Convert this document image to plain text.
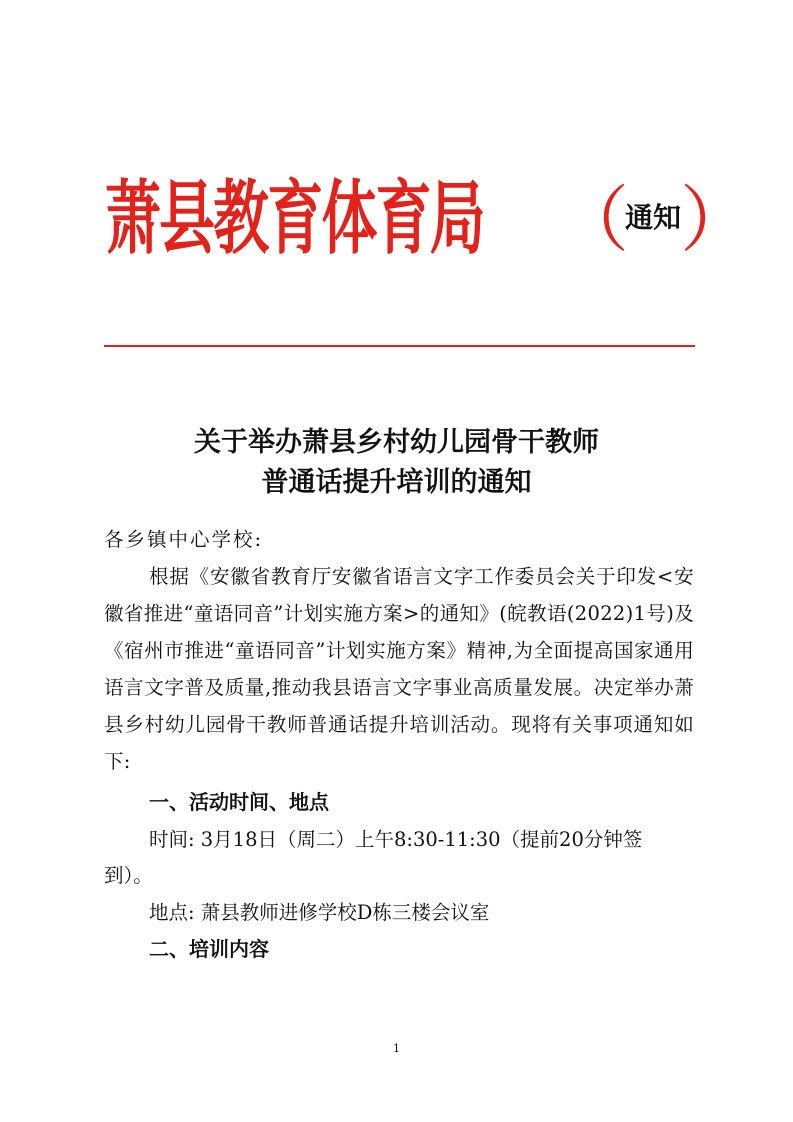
萧县教育体育局 （
通知
）
关于举办萧县乡村幼儿园骨干教师
普通话提升培训的通知
各乡镇中心学校:
根据《安徽省教育厅安徽省语言文字工作委员会关于印发<安徽省推进“童语同音”计划实施方案>的通知》(皖教语(2022)1号)及《宿州市推进“童语同音”计划实施方案》精神,为全面提高国家通用语言文字普及质量,推动我县语言文字事业高质量发展。决定举办萧县乡村幼儿园骨干教师普通话提升培训活动。现将有关事项通知如下:
一、活动时间、地点
时间: 3月18日（周二）上午8:30-11:30（提前20分钟签
到）。
地点: 萧县教师进修学校D栋三楼会议室
二、培训内容
1
